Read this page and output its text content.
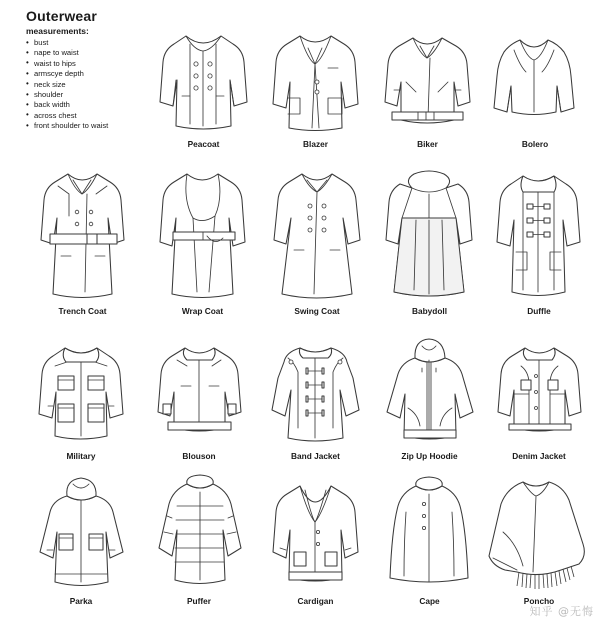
Outerwear
measurements:
• bust
• nape to waist
• waist to hips
• armscye depth
• neck size
• shoulder
• back width
• across chest
• front shoulder to waist
Peacoat	Blazer	Biker	Bolero
Trench Coat	Wrap Coat	Swing Coat	Babydoll	Duffle
Military	Blouson	Band Jacket	Zip Up Hoodie	Denim Jacket
Parka	Puffer	Cardigan	Cape	Poncho
知乎 @无悔
